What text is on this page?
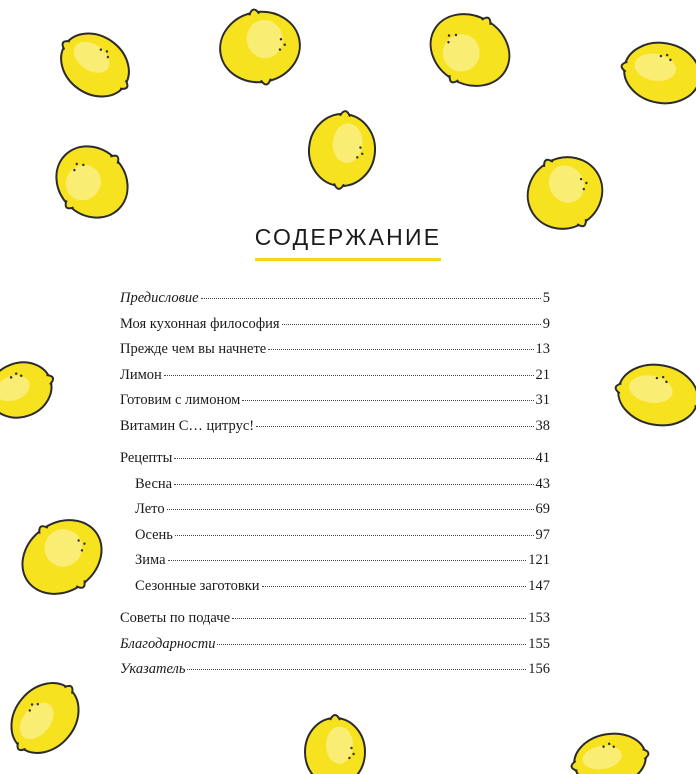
СОДЕРЖАНИЕ
Предисловие	5
Моя кухонная философия	9
Прежде чем вы начнете	13
Лимон	21
Готовим с лимоном	31
Витамин С… цитрус!	38
Рецепты	41
Весна	43
Лето	69
Осень	97
Зима	121
Сезонные заготовки	147
Советы по подаче	153
Благодарности	155
Указатель	156
